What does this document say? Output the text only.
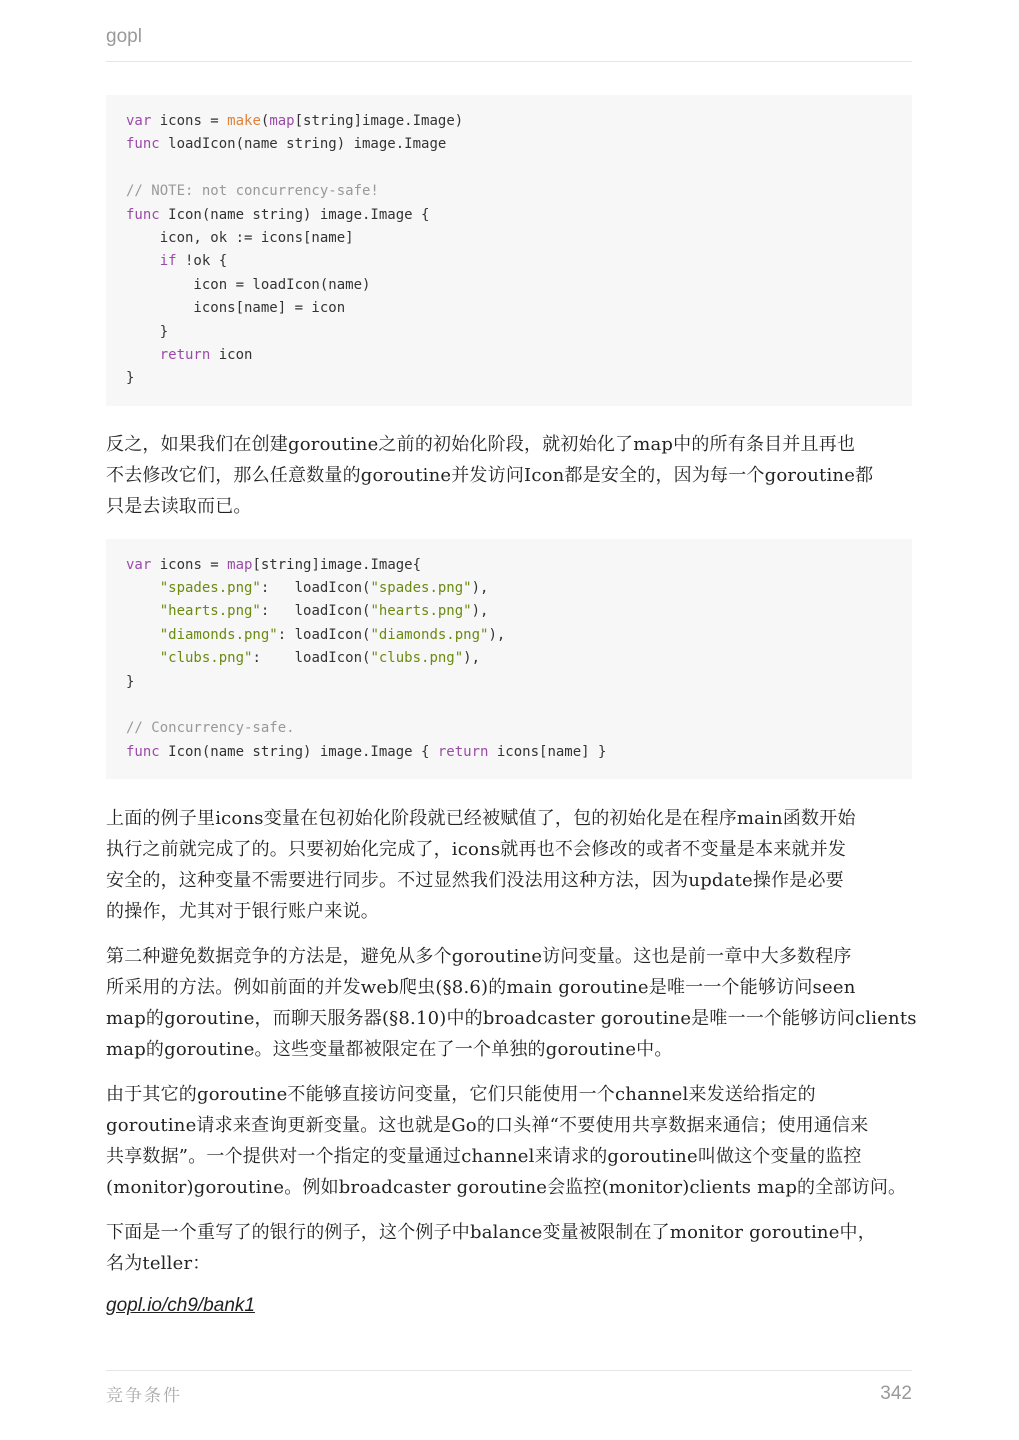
gopl
var icons = make(map[string]image.Image)
func loadIcon(name string) image.Image

// NOTE: not concurrency-safe!
func Icon(name string) image.Image {
icon, ok := icons[name]
if !ok {
icon = loadIcon(name)
icons[name] = icon
}
return icon
}
反之，如果我们在创建goroutine之前的初始化阶段，就初始化了map中的所有条目并且再也
不去修改它们，那么任意数量的goroutine并发访问Icon都是安全的，因为每一个goroutine都
只是去读取而已。
var icons = map[string]image.Image{
"spades.png":   loadIcon("spades.png"),
"hearts.png":   loadIcon("hearts.png"),
"diamonds.png": loadIcon("diamonds.png"),
"clubs.png":    loadIcon("clubs.png"),
}

// Concurrency-safe.
func Icon(name string) image.Image { return icons[name] }
上面的例子里icons变量在包初始化阶段就已经被赋值了，包的初始化是在程序main函数开始
执行之前就完成了的。只要初始化完成了，icons就再也不会修改的或者不变量是本来就并发
安全的，这种变量不需要进行同步。不过显然我们没法用这种方法，因为update操作是必要
的操作，尤其对于银行账户来说。
第二种避免数据竞争的方法是，避免从多个goroutine访问变量。这也是前一章中大多数程序
所采用的方法。例如前面的并发web爬虫(§8.6)的main goroutine是唯一一个能够访问seen
map的goroutine，而聊天服务器(§8.10)中的broadcaster goroutine是唯一一个能够访问clients
map的goroutine。这些变量都被限定在了一个单独的goroutine中。
由于其它的goroutine不能够直接访问变量，它们只能使用一个channel来发送给指定的
goroutine请求来查询更新变量。这也就是Go的口头禅“不要使用共享数据来通信；使用通信来
共享数据”。一个提供对一个指定的变量通过channel来请求的goroutine叫做这个变量的监控
(monitor)goroutine。例如broadcaster goroutine会监控(monitor)clients map的全部访问。
下面是一个重写了的银行的例子，这个例子中balance变量被限制在了monitor goroutine中，
名为teller：
gopl.io/ch9/bank1
竞争条件	342
